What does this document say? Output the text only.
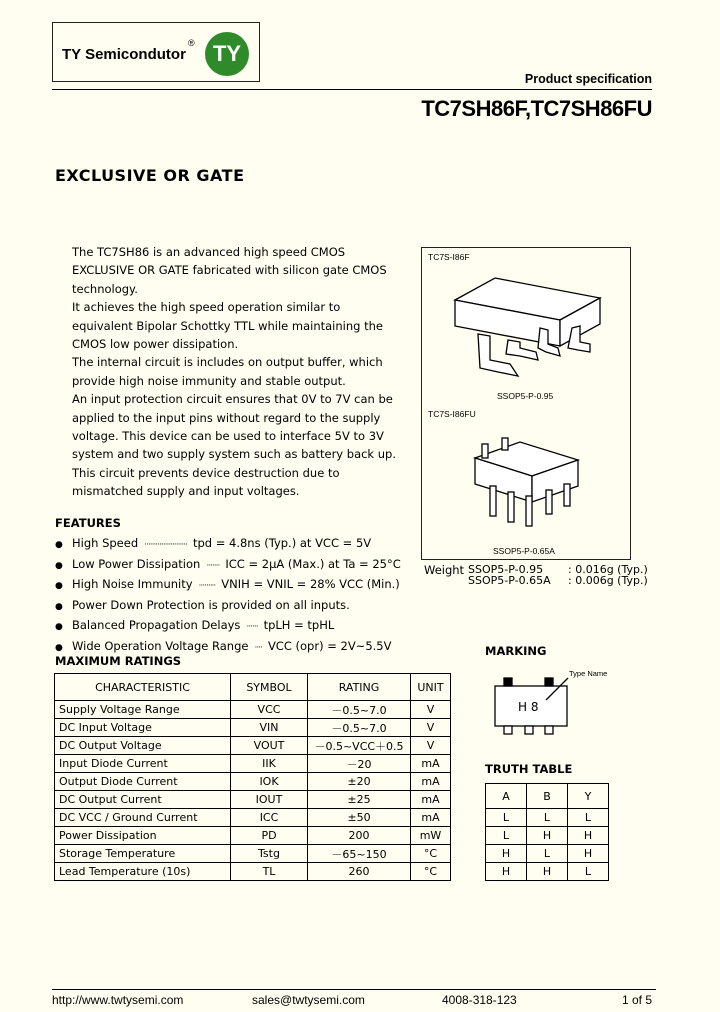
TY Semicondutor
® TY
Product specification
TC7SH86F,TC7SH86FU
EXCLUSIVE OR GATE

The TC7SH86 is an advanced high speed CMOS EXCLUSIVE OR GATE fabricated with silicon gate CMOS technology.

It achieves the high speed operation similar to equivalent Bipolar Schottky TTL while maintaining the CMOS low power dissipation.

The internal circuit is includes on output buffer, which provide high noise immunity and stable output.

An input protection circuit ensures that 0V to 7V can be applied to the input pins without regard to the supply voltage. This device can be used to interface 5V to 3V system and two supply system such as battery back up.

This circuit prevents device destruction due to mismatched supply and input voltages.

TC7S-I86F
SSOP5-P-0.95
TC7S-I86FU
SSOP5-P-0.65A
Weight SSOP5-P-0.95	: 0.016g (Typ.)
SSOP5-P-0.65A	: 0.006g (Typ.)
FEATURES
● High Speed ······················· tpd = 4.8ns (Typ.) at VCC = 5V
● Low Power Dissipation ······· ICC = 2μA (Max.) at Ta = 25°C
● High Noise Immunity ········· VNIH = VNIL = 28% VCC (Min.)
● Power Down Protection is provided on all inputs.
● Balanced Propagation Delays ······ tpLH = tpHL
● Wide Operation Voltage Range ···· VCC (opr) = 2V~5.5V
MAXIMUM RATINGS
CHARACTERISTIC	SYMBOL	RATING	UNIT
Supply Voltage Range	VCC	－0.5~7.0	V
DC Input Voltage	VIN	－0.5~7.0	V
DC Output Voltage	VOUT	－0.5~VCC＋0.5	V
Input Diode Current	IIK	－20	mA
Output Diode Current	IOK	±20	mA
DC Output Current	IOUT	±25	mA
DC VCC / Ground Current	ICC	±50	mA
Power Dissipation	PD	200	mW
Storage Temperature	Tstg	－65~150	°C
Lead Temperature (10s)	TL	260	°C
MARKING
H 8
Type Name
TRUTH TABLE
A	B	Y
L	L	L
L	H	H
H	L	H
H	H	L
http://www.twtysemi.com	sales@twtysemi.com	4008-318-123	1 of 5
